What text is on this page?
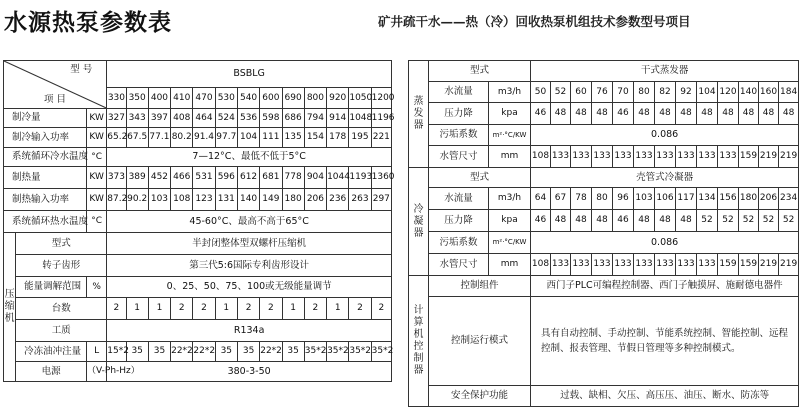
水源热泵参数表	矿井疏干水——热（冷）回收热泵机组技术参数型号项目
型 号
项 目			BSBLG												
			330	350	400	410	470	530	540	600	690	800	920	1050	1200
制冷量		KW	327	343	397	408	464	524	536	598	686	794	914	1048	1196
制冷输入功率		KW	65.2	67.5	77.1	80.2	91.4	97.7	104	111	135	154	178	195	221
系统循环冷水温度		°C	7—12°C、最低不低于5°C												
制热量		KW	373	389	452	466	531	596	612	681	778	904	1044	1193	1360
制热输入功率		KW	87.2	90.2	103	108	123	131	140	149	180	206	236	263	297
系统循环热水温度		°C	45-60°C、最高不高于65°C												
压缩机	型式		半封闭整体型双螺杆压缩机												
	转子齿形		第三代5:6国际专利齿形设计												
	能量调解范围	%	0、25、50、75、100或无级能量调节												
	台数		2	1	1	2	2	1	2	2	1	2	1	2	2
	工质		R134a												
	冷冻油冲注量	L	15*2	35	35	22*2	22*2	35	35	22*2	35	35*2	35*2	35*2	35*2
	电源	（V-Ph-Hz）	380-3-50												
蒸发器	型式		干式蒸发器												
	水流量	m3/h	50	52	60	76	70	80	82	92	104	120	140	160	184
	压力降	kpa	46	48	48	48	46	48	48	48	48	48	48	48	48
	污垢系数	m²·°C/KW	0.086												
	水管尺寸	mm	108	133	133	133	133	133	133	133	133	133	159	219	219
冷凝器	型式		壳管式冷凝器												
	水流量	m3/h	64	67	78	80	96	103	106	117	134	156	180	206	234
	压力降	kpa	46	48	48	48	46	48	48	48	52	52	52	52	52
	污垢系数	m²·°C/KW	0.086												
	水管尺寸	mm	108	133	133	133	133	133	133	133	133	159	159	219	219
计算机控制器	控制组件		西门子PLC可编程控制器、西门子触摸屏、施耐德电器件												
	控制运行模式		具有自动控制、手动控制、节能系统控制、智能控制、远程控制、报表管理、节假日管理等多种控制模式。												
	安全保护功能		过载、缺相、欠压、高压压、油压、断水、防冻等												
